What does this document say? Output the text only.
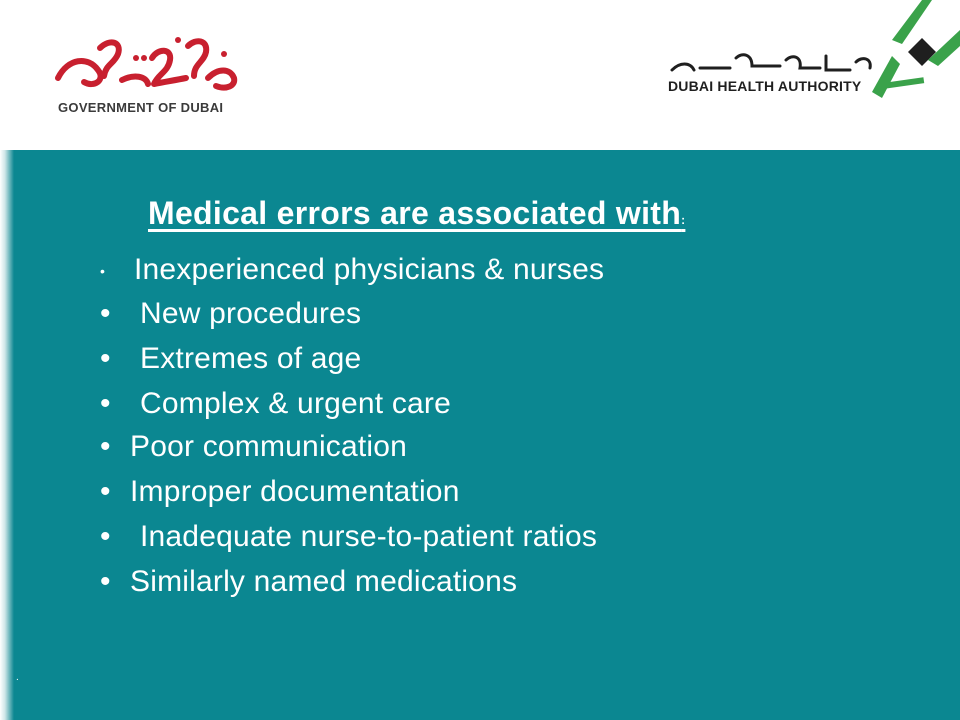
GOVERNMENT OF DUBAI
DUBAI HEALTH AUTHORITY
Medical errors are associated with:
• Inexperienced physicians & nurses
• New procedures
• Extremes of age
• Complex & urgent care
• Poor communication
• Improper documentation
• Inadequate nurse-to-patient ratios
• Similarly named medications
.
